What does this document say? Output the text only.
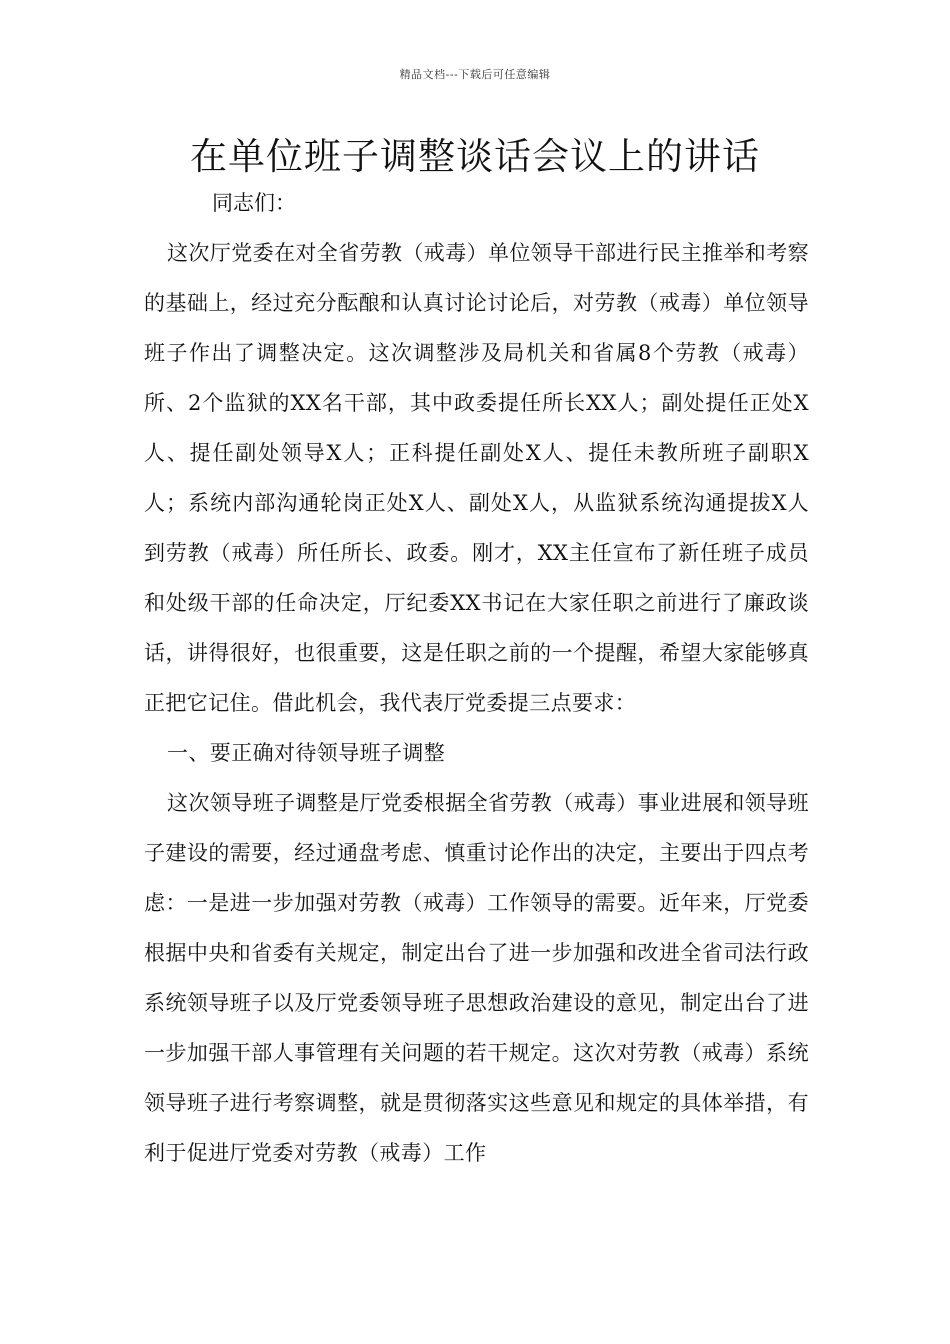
精品文档---下载后可任意编辑
在单位班子调整谈话会议上的讲话
同志们：

这次厅党委在对全省劳教（戒毒）单位领导干部进行民主推举和考察的基础上，经过充分酝酿和认真讨论讨论后，对劳教（戒毒）单位领导班子作出了调整决定。这次调整涉及局机关和省属8个劳教（戒毒）所、2个监狱的XX名干部，其中政委提任所长XX人；副处提任正处X人、提任副处领导X人；正科提任副处X人、提任未教所班子副职X人；系统内部沟通轮岗正处X人、副处X人，从监狱系统沟通提拔X人到劳教（戒毒）所任所长、政委。刚才，XX主任宣布了新任班子成员和处级干部的任命决定，厅纪委XX书记在大家任职之前进行了廉政谈话，讲得很好，也很重要，这是任职之前的一个提醒，希望大家能够真正把它记住。借此机会，我代表厅党委提三点要求：

一、要正确对待领导班子调整

这次领导班子调整是厅党委根据全省劳教（戒毒）事业进展和领导班子建设的需要，经过通盘考虑、慎重讨论作出的决定，主要出于四点考虑：一是进一步加强对劳教（戒毒）工作领导的需要。近年来，厅党委根据中央和省委有关规定，制定出台了进一步加强和改进全省司法行政系统领导班子以及厅党委领导班子思想政治建设的意见，制定出台了进一步加强干部人事管理有关问题的若干规定。这次对劳教（戒毒）系统领导班子进行考察调整，就是贯彻落实这些意见和规定的具体举措，有利于促进厅党委对劳教（戒毒）工作
